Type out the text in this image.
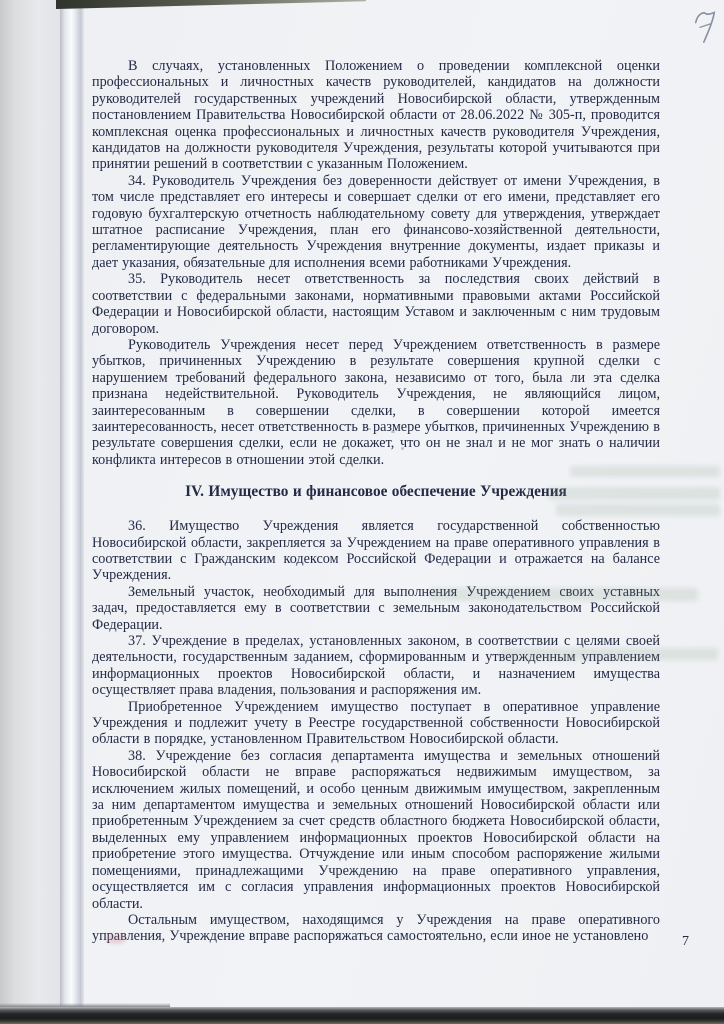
В случаях, установленных Положением о проведении комплексной оценки профессиональных и личностных качеств руководителей, кандидатов на должности руководителей государственных учреждений Новосибирской области, утвержденным постановлением Правительства Новосибирской области от 28.06.2022 № 305-п, проводится комплексная оценка профессиональных и личностных качеств руководителя Учреждения, кандидатов на должности руководителя Учреждения, результаты которой учитываются при принятии решений в соответствии с указанным Положением.

34. Руководитель Учреждения без доверенности действует от имени Учреждения, в том числе представляет его интересы и совершает сделки от его имени, представляет его годовую бухгалтерскую отчетность наблюдательному совету для утверждения, утверждает штатное расписание Учреждения, план его финансово-хозяйственной деятельности, регламентирующие деятельность Учреждения внутренние документы, издает приказы и дает указания, обязательные для исполнения всеми работниками Учреждения.

35. Руководитель несет ответственность за последствия своих действий в соответствии с федеральными законами, нормативными правовыми актами Российской Федерации и Новосибирской области, настоящим Уставом и заключенным с ним трудовым договором.

Руководитель Учреждения несет перед Учреждением ответственность в размере убытков, причиненных Учреждению в результате совершения крупной сделки с нарушением требований федерального закона, независимо от того, была ли эта сделка признана недействительной. Руководитель Учреждения, не являющийся лицом, заинтересованным в совершении сделки, в совершении которой имеется заинтересованность, несет ответственность в размере убытков, причиненных Учреждению в результате совершения сделки, если не докажет, что он не знал и не мог знать о наличии конфликта интересов в отношении этой сделки.

IV. Имущество и финансовое обеспечение Учреждения

36. Имущество Учреждения является государственной собственностью Новосибирской области, закрепляется за Учреждением на праве оперативного управления в соответствии с Гражданским кодексом Российской Федерации и отражается на балансе Учреждения.

Земельный участок, необходимый для выполнения Учреждением своих уставных задач, предоставляется ему в соответствии с земельным законодательством Российской Федерации.

37. Учреждение в пределах, установленных законом, в соответствии с целями своей деятельности, государственным заданием, сформированным и утвержденным управлением информационных проектов Новосибирской области, и назначением имущества осуществляет права владения, пользования и распоряжения им.

Приобретенное Учреждением имущество поступает в оперативное управление Учреждения и подлежит учету в Реестре государственной собственности Новосибирской области в порядке, установленном Правительством Новосибирской области.

38. Учреждение без согласия департамента имущества и земельных отношений Новосибирской области не вправе распоряжаться недвижимым имуществом, за исключением жилых помещений, и особо ценным движимым имуществом, закрепленным за ним департаментом имущества и земельных отношений Новосибирской области или приобретенным Учреждением за счет средств областного бюджета Новосибирской области, выделенных ему управлением информационных проектов Новосибирской области на приобретение этого имущества. Отчуждение или иным способом распоряжение жилыми помещениями, принадлежащими Учреждению на праве оперативного управления, осуществляется им с согласия управления информационных проектов Новосибирской области.

Остальным имуществом, находящимся у Учреждения на праве оперативного управления, Учреждение вправе распоряжаться самостоятельно, если иное не установлено	7
